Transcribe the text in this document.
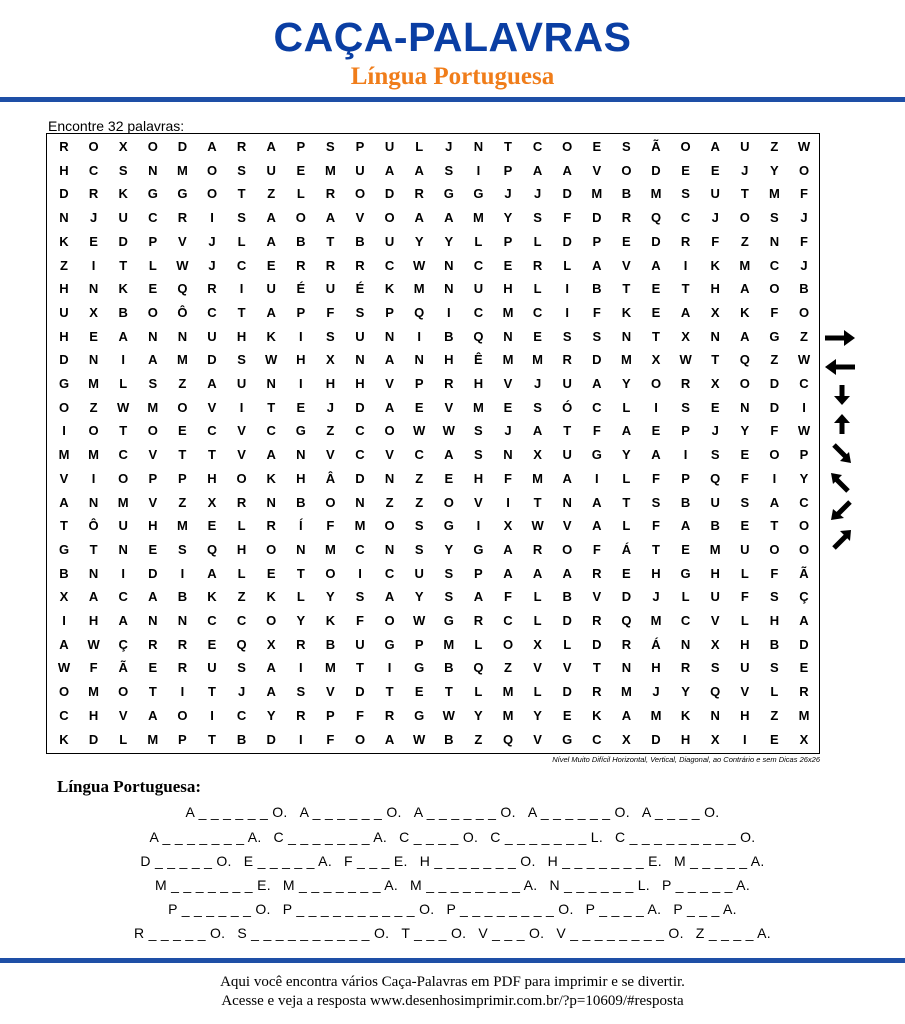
CAÇA-PALAVRAS
Língua Portuguesa
Encontre 32 palavras:
R	O	X	O	D	A	R	A	P	S	P	U	L	J	N	T	C	O	E	S	Ã	O	A	U	Z	W
H	C	S	N	M	O	S	U	E	M	U	A	A	S	I	P	A	A	V	O	D	E	E	J	Y	O
D	R	K	G	G	O	T	Z	L	R	O	D	R	G	G	J	J	D	M	B	M	S	U	T	M	F
N	J	U	C	R	I	S	A	O	A	V	O	A	A	M	Y	S	F	D	R	Q	C	J	O	S	J
K	E	D	P	V	J	L	A	B	T	B	U	Y	Y	L	P	L	D	P	E	D	R	F	Z	N	F
Z	I	T	L	W	J	C	E	R	R	R	C	W	N	C	E	R	L	A	V	A	I	K	M	C	J
H	N	K	E	Q	R	I	U	É	U	É	K	M	N	U	H	L	I	B	T	E	T	H	A	O	B
U	X	B	O	Ô	C	T	A	P	F	S	P	Q	I	C	M	C	I	F	K	E	A	X	K	F	O
H	E	A	N	N	U	H	K	I	S	U	N	I	B	Q	N	E	S	S	N	T	X	N	A	G	Z
D	N	I	A	M	D	S	W	H	X	N	A	N	H	Ê	M	M	R	D	M	X	W	T	Q	Z	W
G	M	L	S	Z	A	U	N	I	H	H	V	P	R	H	V	J	U	A	Y	O	R	X	O	D	C
O	Z	W	M	O	V	I	T	E	J	D	A	E	V	M	E	S	Ó	C	L	I	S	E	N	D	I
I	O	T	O	E	C	V	C	G	Z	C	O	W	W	S	J	A	T	F	A	E	P	J	Y	F	W
M	M	C	V	T	T	V	A	N	V	C	V	C	A	S	N	X	U	G	Y	A	I	S	E	O	P
V	I	O	P	P	H	O	K	H	Â	D	N	Z	E	H	F	M	A	I	L	F	P	Q	F	I	Y
A	N	M	V	Z	X	R	N	B	O	N	Z	Z	O	V	I	T	N	A	T	S	B	U	S	A	C
T	Ô	U	H	M	E	L	R	Í	F	M	O	S	G	I	X	W	V	A	L	F	A	B	E	T	O
G	T	N	E	S	Q	H	O	N	M	C	N	S	Y	G	A	R	O	F	Á	T	E	M	U	O	O
B	N	I	D	I	A	L	E	T	O	I	C	U	S	P	A	A	A	R	E	H	G	H	L	F	Ã
X	A	C	A	B	K	Z	K	L	Y	S	A	Y	S	A	F	L	B	V	D	J	L	U	F	S	Ç
I	H	A	N	N	C	C	O	Y	K	F	O	W	G	R	C	L	D	R	Q	M	C	V	L	H	A
A	W	Ç	R	R	E	Q	X	R	B	U	G	P	M	L	O	X	L	D	R	Á	N	X	H	B	D
W	F	Ã	E	R	U	S	A	I	M	T	I	G	B	Q	Z	V	V	T	N	H	R	S	U	S	E
O	M	O	T	I	T	J	A	S	V	D	T	E	T	L	M	L	D	R	M	J	Y	Q	V	L	R
C	H	V	A	O	I	C	Y	R	P	F	R	G	W	Y	M	Y	E	K	A	M	K	N	H	Z	M
K	D	L	M	P	T	B	D	I	F	O	A	W	B	Z	Q	V	G	C	X	D	H	X	I	E	X
Nível Muito Difícil Horizontal, Vertical, Diagonal, ao Contrário e sem Dicas 26x26
Língua Portuguesa:
A _ _ _ _ _ _ O. A _ _ _ _ _ _ O. A _ _ _ _ _ _ O. A _ _ _ _ _ _ O. A _ _ _ _ O.
A _ _ _ _ _ _ _ A. C _ _ _ _ _ _ _ A. C _ _ _ _ O. C _ _ _ _ _ _ _ L. C _ _ _ _ _ _ _ _ _ O.
D _ _ _ _ _ O. E _ _ _ _ _ A. F _ _ _ E. H _ _ _ _ _ _ _ O. H _ _ _ _ _ _ _ E. M _ _ _ _ _ A.
M _ _ _ _ _ _ _ E. M _ _ _ _ _ _ _ A. M _ _ _ _ _ _ _ _ A. N _ _ _ _ _ _ L. P _ _ _ _ _ A.
P _ _ _ _ _ _ O. P _ _ _ _ _ _ _ _ _ _ O. P _ _ _ _ _ _ _ _ O. P _ _ _ _ A. P _ _ _ A.
R _ _ _ _ _ O. S _ _ _ _ _ _ _ _ _ _ O. T _ _ _ O. V _ _ _ O. V _ _ _ _ _ _ _ _ O. Z _ _ _ _ A.
Aqui você encontra vários Caça-Palavras em PDF para imprimir e se divertir.
Acesse e veja a resposta www.desenhosimprimir.com.br/?p=10609/#resposta
